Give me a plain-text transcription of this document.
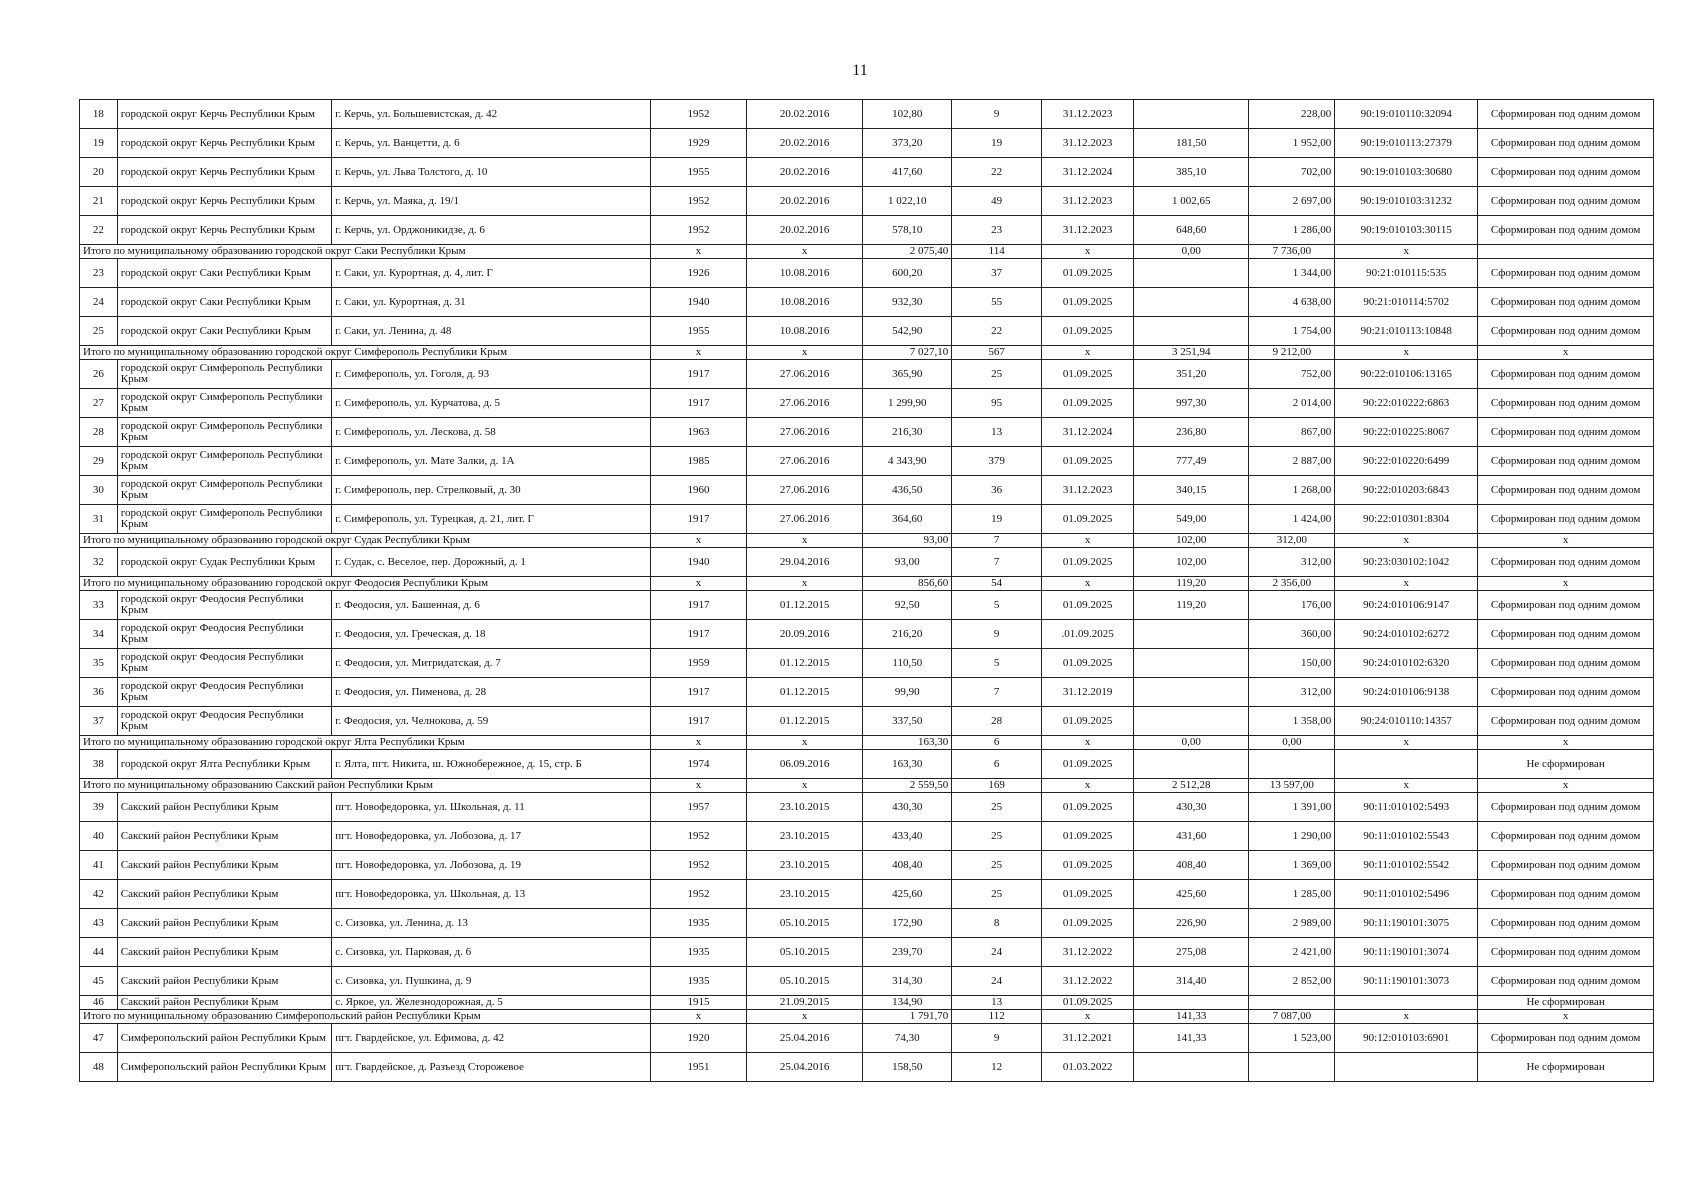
11
18	городской округ Керчь Республики Крым	г. Керчь, ул. Большевистская, д. 42	1952	20.02.2016	102,80	9	31.12.2023		228,00	90:19:010110:32094	Сформирован под одним домом
19	городской округ Керчь Республики Крым	г. Керчь, ул. Ванцетти, д. 6	1929	20.02.2016	373,20	19	31.12.2023	181,50	1 952,00	90:19:010113:27379	Сформирован под одним домом
20	городской округ Керчь Республики Крым	г. Керчь, ул. Льва Толстого, д. 10	1955	20.02.2016	417,60	22	31.12.2024	385,10	702,00	90:19:010103:30680	Сформирован под одним домом
21	городской округ Керчь Республики Крым	г. Керчь, ул. Маяка, д. 19/1	1952	20.02.2016	1 022,10	49	31.12.2023	1 002,65	2 697,00	90:19:010103:31232	Сформирован под одним домом
22	городской округ Керчь Республики Крым	г. Керчь, ул. Орджоникидзе, д. 6	1952	20.02.2016	578,10	23	31.12.2023	648,60	1 286,00	90:19:010103:30115	Сформирован под одним домом
Итого по муниципальному образованию городской округ Саки Республики Крым			x	x	2 075,40	114	x	0,00	7 736,00	x	
23	городской округ Саки Республики Крым	г. Саки, ул. Курортная, д. 4, лит. Г	1926	10.08.2016	600,20	37	01.09.2025		1 344,00	90:21:010115:535	Сформирован под одним домом
24	городской округ Саки Республики Крым	г. Саки, ул. Курортная, д. 31	1940	10.08.2016	932,30	55	01.09.2025		4 638,00	90:21:010114:5702	Сформирован под одним домом
25	городской округ Саки Республики Крым	г. Саки, ул. Ленина, д. 48	1955	10.08.2016	542,90	22	01.09.2025		1 754,00	90:21:010113:10848	Сформирован под одним домом
Итого по муниципальному образованию городской округ Симферополь Республики Крым			x	x	7 027,10	567	x	3 251,94	9 212,00	x	x
26	городской округ Симферополь Республики Крым	г. Симферополь, ул. Гоголя, д. 93	1917	27.06.2016	365,90	25	01.09.2025	351,20	752,00	90:22:010106:13165	Сформирован под одним домом
27	городской округ Симферополь Республики Крым	г. Симферополь, ул. Курчатова, д. 5	1917	27.06.2016	1 299,90	95	01.09.2025	997,30	2 014,00	90:22:010222:6863	Сформирован под одним домом
28	городской округ Симферополь Республики Крым	г. Симферополь, ул. Лескова, д. 58	1963	27.06.2016	216,30	13	31.12.2024	236,80	867,00	90:22:010225:8067	Сформирован под одним домом
29	городской округ Симферополь Республики Крым	г. Симферополь, ул. Мате Залки, д. 1А	1985	27.06.2016	4 343,90	379	01.09.2025	777,49	2 887,00	90:22:010220:6499	Сформирован под одним домом
30	городской округ Симферополь Республики Крым	г. Симферополь, пер. Стрелковый, д. 30	1960	27.06.2016	436,50	36	31.12.2023	340,15	1 268,00	90:22:010203:6843	Сформирован под одним домом
31	городской округ Симферополь Республики Крым	г. Симферополь, ул. Турецкая, д. 21, лит. Г	1917	27.06.2016	364,60	19	01.09.2025	549,00	1 424,00	90:22:010301:8304	Сформирован под одним домом
Итого по муниципальному образованию городской округ Судак Республики Крым			x	x	93,00	7	x	102,00	312,00	x	x
32	городской округ Судак Республики Крым	г. Судак, с. Веселое, пер. Дорожный, д. 1	1940	29.04.2016	93,00	7	01.09.2025	102,00	312,00	90:23:030102:1042	Сформирован под одним домом
Итого по муниципальному образованию городской округ Феодосия Республики Крым			x	x	856,60	54	x	119,20	2 356,00	x	x
33	городской округ Феодосия Республики Крым	г. Феодосия, ул. Башенная, д. 6	1917	01.12.2015	92,50	5	01.09.2025	119,20	176,00	90:24:010106:9147	Сформирован под одним домом
34	городской округ Феодосия Республики Крым	г. Феодосия, ул. Греческая, д. 18	1917	20.09.2016	216,20	9	.01.09.2025		360,00	90:24:010102:6272	Сформирован под одним домом
35	городской округ Феодосия Республики Крым	г. Феодосия, ул. Митридатская, д. 7	1959	01.12.2015	110,50	5	01.09.2025		150,00	90:24:010102:6320	Сформирован под одним домом
36	городской округ Феодосия Республики Крым	г. Феодосия, ул. Пименова, д. 28	1917	01.12.2015	99,90	7	31.12.2019		312,00	90:24:010106:9138	Сформирован под одним домом
37	городской округ Феодосия Республики Крым	г. Феодосия, ул. Челнокова, д. 59	1917	01.12.2015	337,50	28	01.09.2025		1 358,00	90:24:010110:14357	Сформирован под одним домом
Итого по муниципальному образованию городской округ Ялта Республики Крым			x	x	163,30	6	x	0,00	0,00	x	x
38	городской округ Ялта Республики Крым	г. Ялта, пгт. Никита, ш. Южнобережное, д. 15, стр. Б	1974	06.09.2016	163,30	6	01.09.2025				Не сформирован
Итого по муниципальному образованию Сакский район Республики Крым			x	x	2 559,50	169	x	2 512,28	13 597,00	x	x
39	Сакский район Республики Крым	пгт. Новофедоровка, ул. Школьная, д. 11	1957	23.10.2015	430,30	25	01.09.2025	430,30	1 391,00	90:11:010102:5493	Сформирован под одним домом
40	Сакский район Республики Крым	пгт. Новофедоровка, ул. Лобозова, д. 17	1952	23.10.2015	433,40	25	01.09.2025	431,60	1 290,00	90:11:010102:5543	Сформирован под одним домом
41	Сакский район Республики Крым	пгт. Новофедоровка, ул. Лобозова, д. 19	1952	23.10.2015	408,40	25	01.09.2025	408,40	1 369,00	90:11:010102:5542	Сформирован под одним домом
42	Сакский район Республики Крым	пгт. Новофедоровка, ул. Школьная, д. 13	1952	23.10.2015	425,60	25	01.09.2025	425,60	1 285,00	90:11:010102:5496	Сформирован под одним домом
43	Сакский район Республики Крым	с. Сизовка, ул. Ленина, д. 13	1935	05.10.2015	172,90	8	01.09.2025	226,90	2 989,00	90:11:190101:3075	Сформирован под одним домом
44	Сакский район Республики Крым	с. Сизовка, ул. Парковая, д. 6	1935	05.10.2015	239,70	24	31.12.2022	275,08	2 421,00	90:11:190101:3074	Сформирован под одним домом
45	Сакский район Республики Крым	с. Сизовка, ул. Пушкина, д. 9	1935	05.10.2015	314,30	24	31.12.2022	314,40	2 852,00	90:11:190101:3073	Сформирован под одним домом
46	Сакский район Республики Крым	с. Яркое, ул. Железнодорожная, д. 5	1915	21.09.2015	134,90	13	01.09.2025				Не сформирован
Итого по муниципальному образованию Симферопольский район Республики Крым			x	x	1 791,70	112	x	141,33	7 087,00	x	x
47	Симферопольский район Республики Крым	пгт. Гвардейское, ул. Ефимова, д. 42	1920	25.04.2016	74,30	9	31.12.2021	141,33	1 523,00	90:12:010103:6901	Сформирован под одним домом
48	Симферопольский район Республики Крым	пгт. Гвардейское, д. Разъезд Сторожевое	1951	25.04.2016	158,50	12	01.03.2022				Не сформирован
